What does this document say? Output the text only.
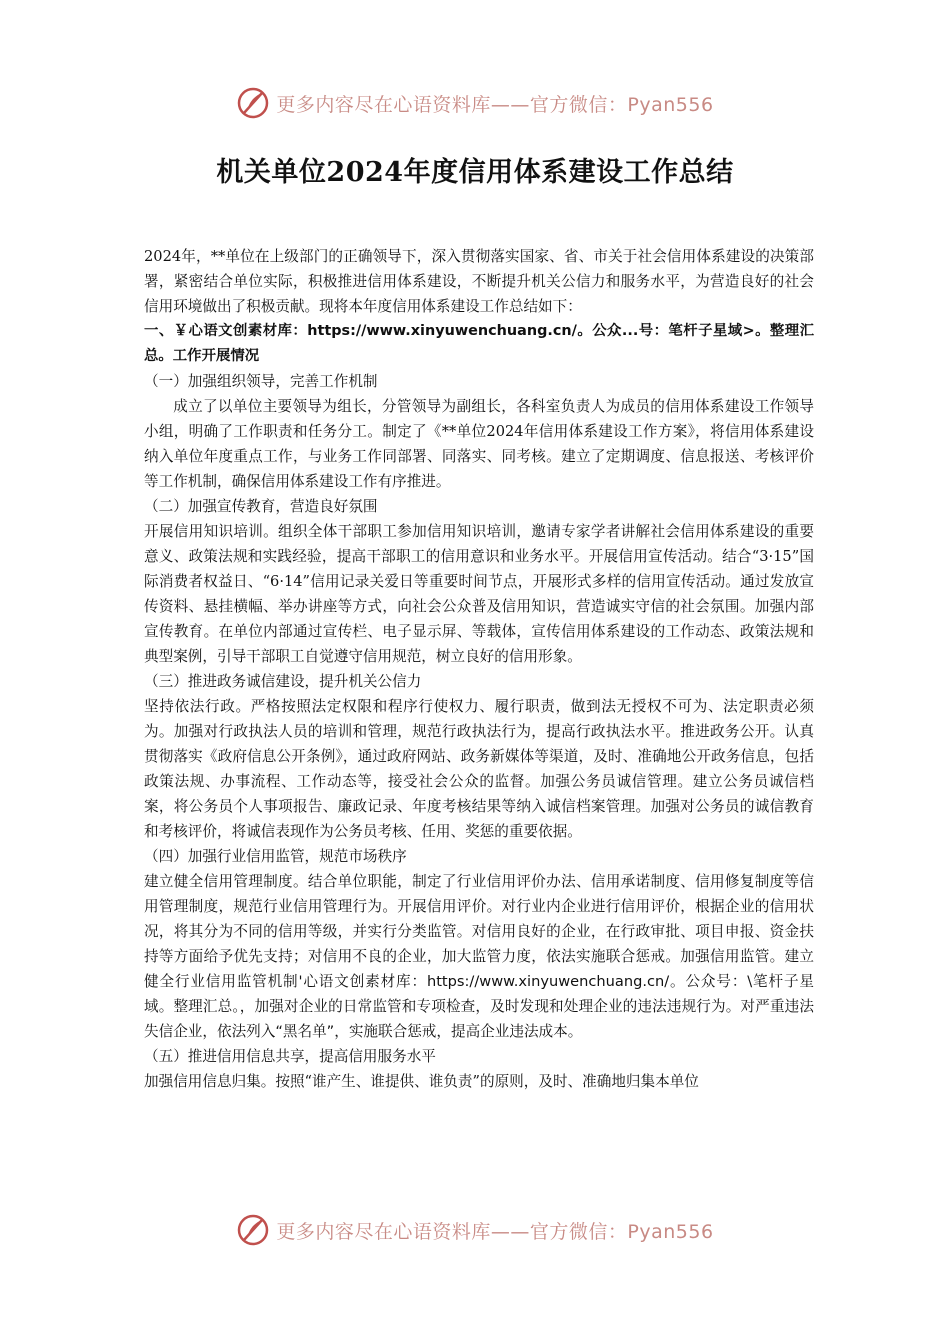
更多内容尽在心语资料库——官方微信：Pyan556
机关单位2024年度信用体系建设工作总结

2024年，**单位在上级部门的正确领导下，深入贯彻落实国家、省、市关于社会信用体系建设的决策部署，紧密结合单位实际，积极推进信用体系建设，不断提升机关公信力和服务水平，为营造良好的社会信用环境做出了积极贡献。现将本年度信用体系建设工作总结如下：

一、￥心语文创素材库：https://www.xinyuwenchuang.cn/。公众...号：笔杆子星域>。整理汇总。工作开展情况

（一）加强组织领导，完善工作机制

成立了以单位主要领导为组长，分管领导为副组长，各科室负责人为成员的信用体系建设工作领导小组，明确了工作职责和任务分工。制定了《**单位2024年信用体系建设工作方案》，将信用体系建设纳入单位年度重点工作，与业务工作同部署、同落实、同考核。建立了定期调度、信息报送、考核评价等工作机制，确保信用体系建设工作有序推进。

（二）加强宣传教育，营造良好氛围

开展信用知识培训。组织全体干部职工参加信用知识培训，邀请专家学者讲解社会信用体系建设的重要意义、政策法规和实践经验，提高干部职工的信用意识和业务水平。开展信用宣传活动。结合“3·15”国际消费者权益日、“6·14”信用记录关爱日等重要时间节点，开展形式多样的信用宣传活动。通过发放宣传资料、悬挂横幅、举办讲座等方式，向社会公众普及信用知识，营造诚实守信的社会氛围。加强内部宣传教育。在单位内部通过宣传栏、电子显示屏、等载体，宣传信用体系建设的工作动态、政策法规和典型案例，引导干部职工自觉遵守信用规范，树立良好的信用形象。

（三）推进政务诚信建设，提升机关公信力

坚持依法行政。严格按照法定权限和程序行使权力、履行职责，做到法无授权不可为、法定职责必须为。加强对行政执法人员的培训和管理，规范行政执法行为，提高行政执法水平。推进政务公开。认真贯彻落实《政府信息公开条例》，通过政府网站、政务新媒体等渠道，及时、准确地公开政务信息，包括政策法规、办事流程、工作动态等，接受社会公众的监督。加强公务员诚信管理。建立公务员诚信档案，将公务员个人事项报告、廉政记录、年度考核结果等纳入诚信档案管理。加强对公务员的诚信教育和考核评价，将诚信表现作为公务员考核、任用、奖惩的重要依据。

（四）加强行业信用监管，规范市场秩序

建立健全信用管理制度。结合单位职能，制定了行业信用评价办法、信用承诺制度、信用修复制度等信用管理制度，规范行业信用管理行为。开展信用评价。对行业内企业进行信用评价，根据企业的信用状况，将其分为不同的信用等级，并实行分类监管。对信用良好的企业，在行政审批、项目申报、资金扶持等方面给予优先支持；对信用不良的企业，加大监管力度，依法实施联合惩戒。加强信用监管。建立健全行业信用监管机制'心语文创素材库：https://www.xinyuwenchuang.cn/。公众号：\笔杆子星域。整理汇总。，加强对企业的日常监管和专项检查，及时发现和处理企业的违法违规行为。对严重违法失信企业，依法列入“黑名单”，实施联合惩戒，提高企业违法成本。

（五）推进信用信息共享，提高信用服务水平

加强信用信息归集。按照“谁产生、谁提供、谁负责”的原则，及时、准确地归集本单位

更多内容尽在心语资料库——官方微信：Pyan556
